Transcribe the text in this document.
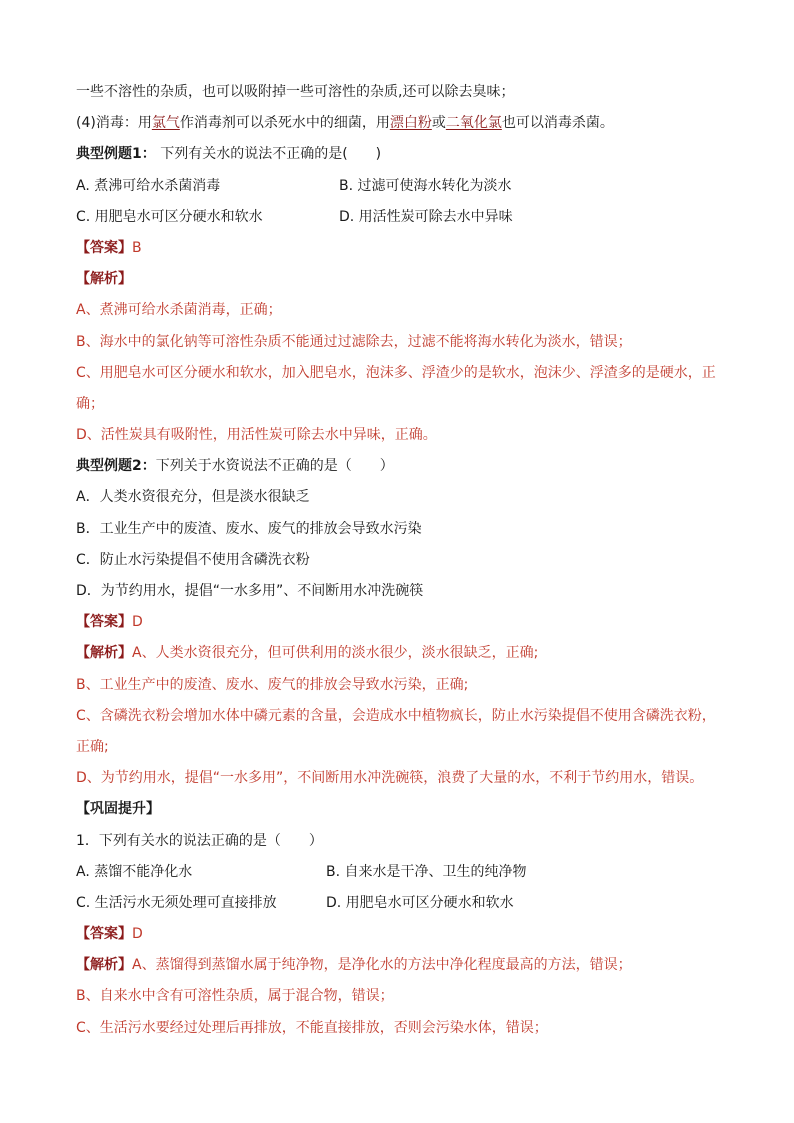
一些不溶性的杂质，也可以吸附掉一些可溶性的杂质,还可以除去臭味；
(4)消毒：用氯气作消毒剂可以杀死水中的细菌，用漂白粉或二氧化氯也可以消毒杀菌。
典型例题1： 下列有关水的说法不正确的是(　　)
A. 煮沸可给水杀菌消毒	B. 过滤可使海水转化为淡水
C. 用肥皂水可区分硬水和软水	D. 用活性炭可除去水中异味
【答案】B
【解析】
A、煮沸可给水杀菌消毒，正确；
B、海水中的氯化钠等可溶性杂质不能通过过滤除去，过滤不能将海水转化为淡水，错误；
C、用肥皂水可区分硬水和软水，加入肥皂水，泡沫多、浮渣少的是软水，泡沫少、浮渣多的是硬水，正
确；
D、活性炭具有吸附性，用活性炭可除去水中异味，正确。
典型例题2：下列关于水资说法不正确的是（　　）
A．人类水资很充分，但是淡水很缺乏
B．工业生产中的废渣、废水、废气的排放会导致水污染
C．防止水污染提倡不使用含磷洗衣粉
D．为节约用水，提倡“一水多用”、不间断用水冲洗碗筷
【答案】D
【解析】A、人类水资很充分，但可供利用的淡水很少，淡水很缺乏，正确;
B、工业生产中的废渣、废水、废气的排放会导致水污染，正确;
C、含磷洗衣粉会增加水体中磷元素的含量，会造成水中植物疯长，防止水污染提倡不使用含磷洗衣粉，
正确;
D、为节约用水，提倡“一水多用”，不间断用水冲洗碗筷，浪费了大量的水，不利于节约用水，错误。
【巩固提升】
1．下列有关水的说法正确的是（　　）
A. 蒸馏不能净化水	B. 自来水是干净、卫生的纯净物
C. 生活污水无须处理可直接排放	D. 用肥皂水可区分硬水和软水
【答案】D
【解析】A、蒸馏得到蒸馏水属于纯净物，是净化水的方法中净化程度最高的方法，错误；
B、自来水中含有可溶性杂质，属于混合物，错误；
C、生活污水要经过处理后再排放，不能直接排放，否则会污染水体，错误；
